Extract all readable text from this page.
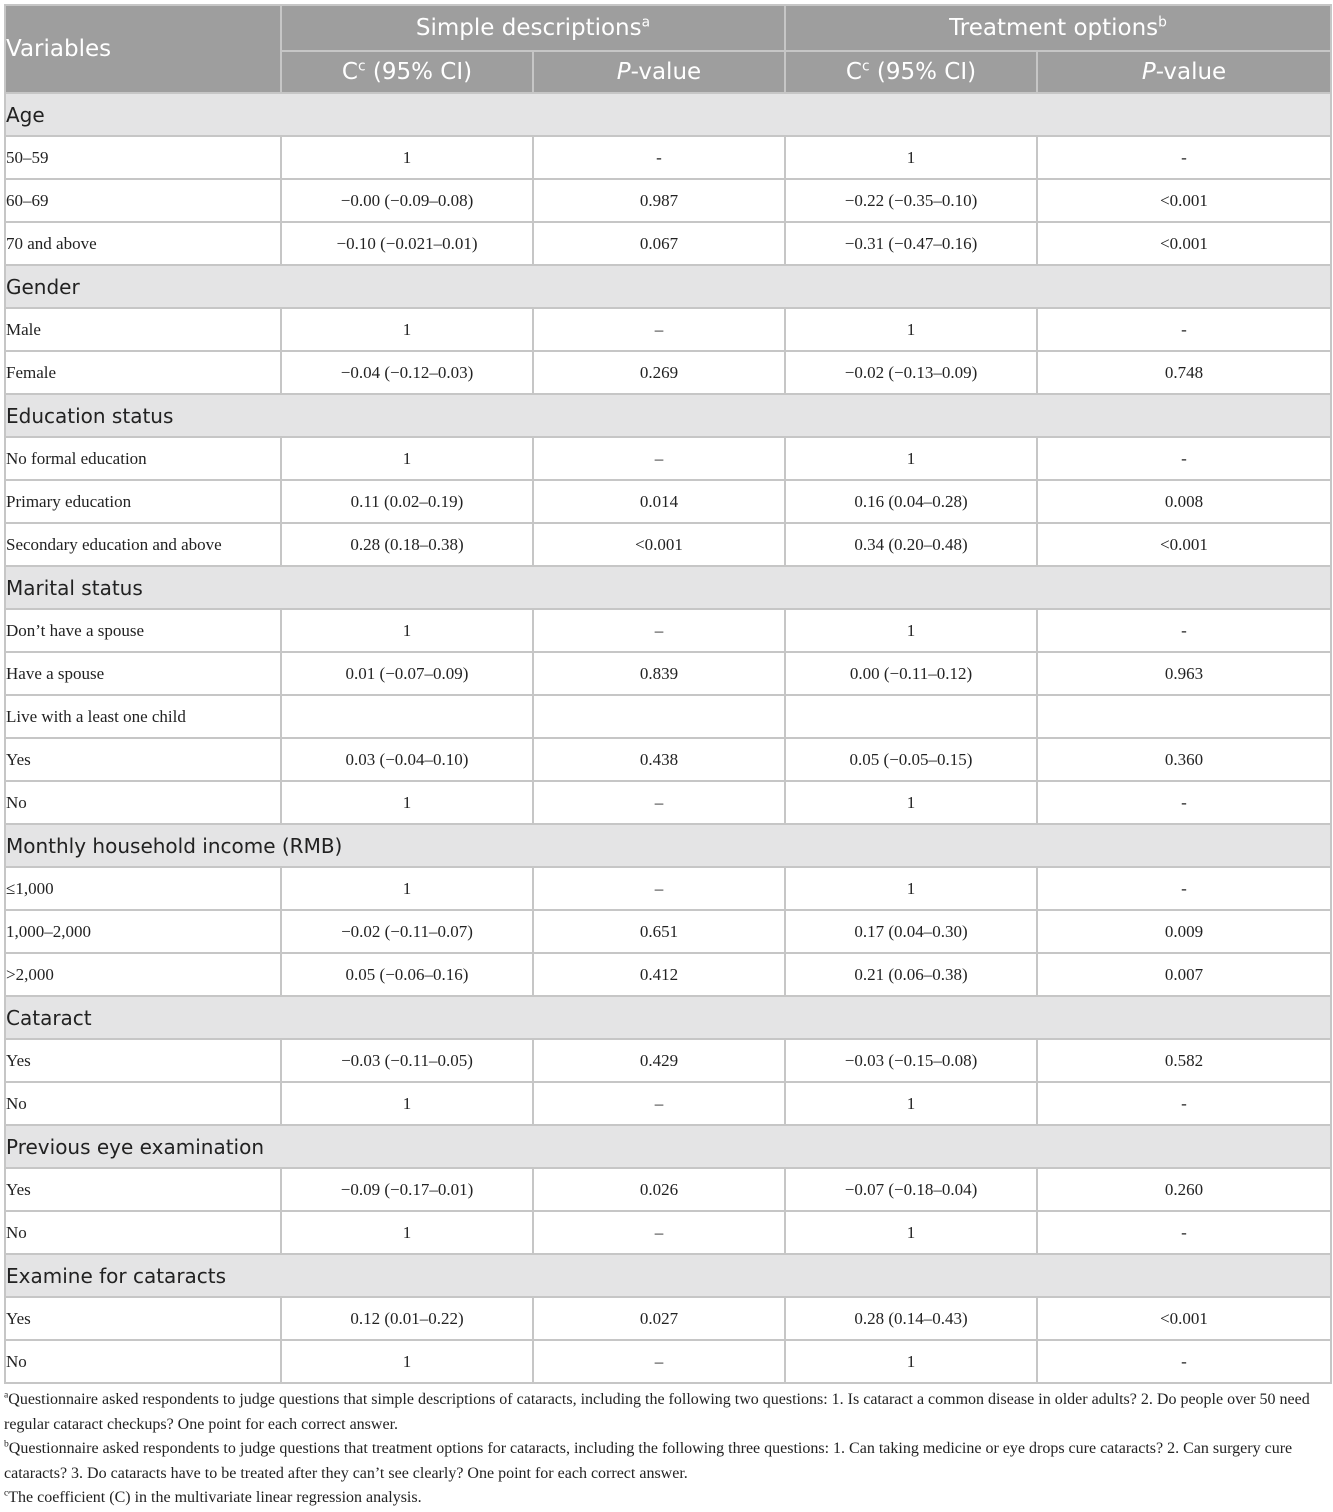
Variables	Simple descriptions$^a$		Treatment options$^b$
	$C^c$ (95% CI)	P-value	$C^c$ (95% CI)	P-value
Age				
50–59	1	-	1	-
60–69	−0.00 (−0.09–0.08)	0.987	−0.22 (−0.35–0.10)	<0.001
70 and above	−0.10 (−0.021–0.01)	0.067	−0.31 (−0.47–0.16)	<0.001
Gender				
Male	1	–	1	-
Female	−0.04 (−0.12–0.03)	0.269	−0.02 (−0.13–0.09)	0.748
Education status				
No formal education	1	–	1	-
Primary education	0.11 (0.02–0.19)	0.014	0.16 (0.04–0.28)	0.008
Secondary education and above	0.28 (0.18–0.38)	<0.001	0.34 (0.20–0.48)	<0.001
Marital status				
Don’t have a spouse	1	–	1	-
Have a spouse	0.01 (−0.07–0.09)	0.839	0.00 (−0.11–0.12)	0.963
Live with a least one child				
Yes	0.03 (−0.04–0.10)	0.438	0.05 (−0.05–0.15)	0.360
No	1	–	1	-
Monthly household income (RMB)				
≤1,000	1	–	1	-
1,000–2,000	−0.02 (−0.11–0.07)	0.651	0.17 (0.04–0.30)	0.009
>2,000	0.05 (−0.06–0.16)	0.412	0.21 (0.06–0.38)	0.007
Cataract				
Yes	−0.03 (−0.11–0.05)	0.429	−0.03 (−0.15–0.08)	0.582
No	1	–	1	-
Previous eye examination				
Yes	−0.09 (−0.17–0.01)	0.026	−0.07 (−0.18–0.04)	0.260
No	1	–	1	-
Examine for cataracts				
Yes	0.12 (0.01–0.22)	0.027	0.28 (0.14–0.43)	<0.001
No	1	–	1	-

$^a$Questionnaire asked respondents to judge questions that simple descriptions of cataracts, including the following two questions: 1. Is cataract a common disease in older adults? 2. Do people over 50 need regular cataract checkups? One point for each correct answer.

$^b$Questionnaire asked respondents to judge questions that treatment options for cataracts, including the following three questions: 1. Can taking medicine or eye drops cure cataracts? 2. Can surgery cure cataracts? 3. Do cataracts have to be treated after they can’t see clearly? One point for each correct answer.

$^c$The coefficient (C) in the multivariate linear regression analysis.
